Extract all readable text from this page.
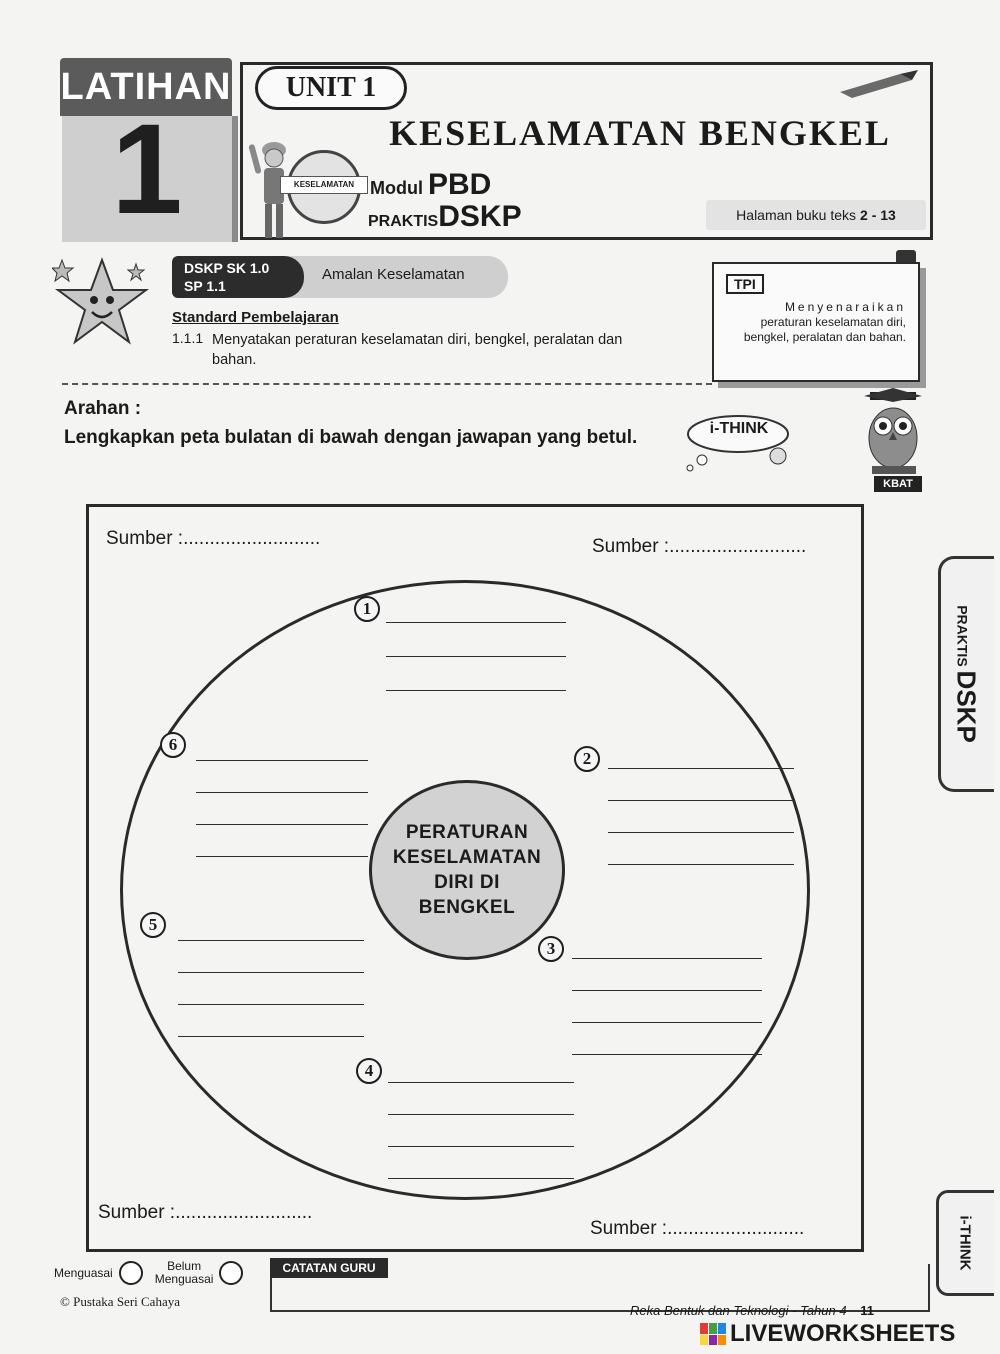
LATIHAN
1
UNIT 1
KESELAMATAN BENGKEL
KESELAMATAN Modul PBD
PRAKTISDSKP	Halaman buku teks 2 - 13
DSKP SK 1.0
SP 1.1
Amalan Keselamatan
Standard Pembelajaran
1.1.1 Menyatakan peraturan keselamatan diri, bengkel, peralatan dan bahan.
TPI
Menyenaraikan
peraturan keselamatan diri, bengkel, peralatan dan bahan.
Arahan :
Lengkapkan peta bulatan di bawah dengan jawapan yang betul.	i-THINK
KBAT
PRAKTIS DSKP
i-THINK
Sumber :..........................	Sumber :..........................
Sumber :..........................
Sumber :..........................
PERATURAN
KESELAMATAN
DIRI DI
BENGKEL
1
2
3
4
5
6
Menguasai	Belum
Menguasai
CATATAN GURU
© Pustaka Seri Cahaya
Reka Bentuk dan Teknologi - Tahun 4 11
LIVEWORKSHEETS
